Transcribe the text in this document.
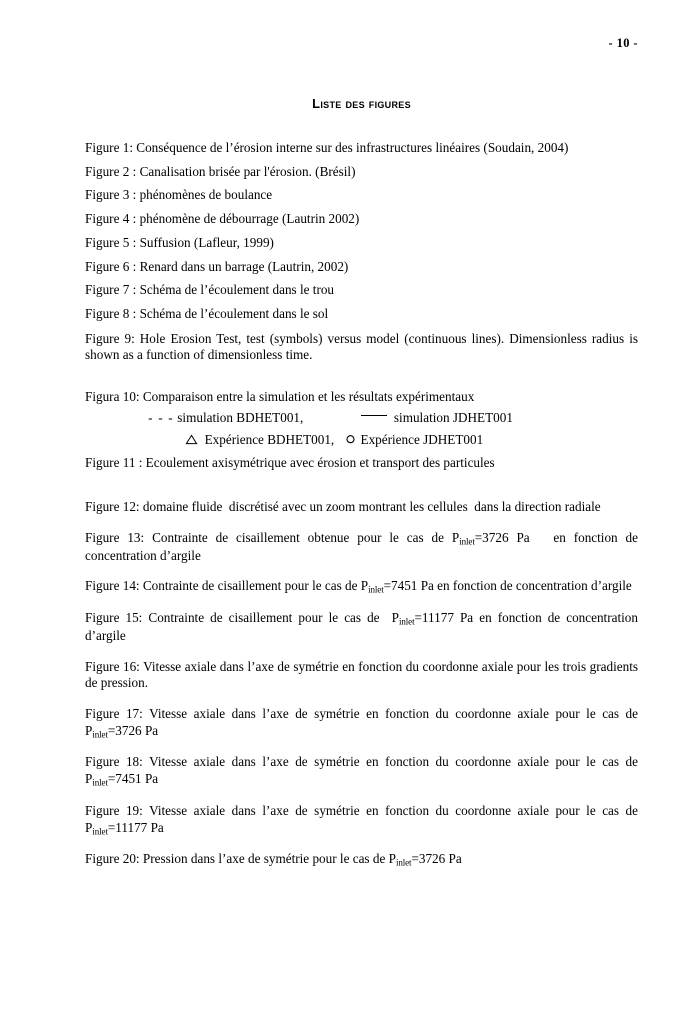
- 10 -
Liste des figures
Figure 1: Conséquence de l’érosion interne sur des infrastructures linéaires (Soudain, 2004)
Figure 2 : Canalisation brisée par l'érosion. (Brésil)
Figure 3 : phénomènes de boulance
Figure 4 : phénomène de débourrage (Lautrin 2002)
Figure 5 : Suffusion (Lafleur, 1999)
Figure 6 : Renard dans un barrage (Lautrin, 2002)
Figure 7 : Schéma de l’écoulement dans le trou
Figure 8 : Schéma de l’écoulement dans le sol
Figure 9: Hole Erosion Test, test (symbols) versus model (continuous lines). Dimensionless radius is shown as a function of dimensionless time.
Figura 10: Comparaison entre la simulation et les résultats expérimentaux
- - - simulation BDHET001,	simulation JDHET001
Expérience BDHET001, Expérience JDHET001
Figure 11 : Ecoulement axisymétrique avec érosion et transport des particules
Figure 12: domaine fluide  discrétisé avec un zoom montrant les cellules  dans la direction radiale
Figure 13: Contrainte de cisaillement obtenue pour le cas de $P_{inlet}=3726$ Pa   en fonction de concentration d’argile
Figure 14: Contrainte de cisaillement pour le cas de $P_{inlet}=7451$ Pa en fonction de concentration d’argile
Figure 15: Contrainte de cisaillement pour le cas de  $P_{inlet}=11177$ Pa en fonction de concentration d’argile
Figure 16: Vitesse axiale dans l’axe de symétrie en fonction du coordonne axiale pour les trois gradients de pression.
Figure 17: Vitesse axiale dans l’axe de symétrie en fonction du coordonne axiale pour le cas de $P_{inlet}=3726$ Pa
Figure 18: Vitesse axiale dans l’axe de symétrie en fonction du coordonne axiale pour le cas de $P_{inlet}=7451$ Pa
Figure 19: Vitesse axiale dans l’axe de symétrie en fonction du coordonne axiale pour le cas de $P_{inlet}=11177$ Pa
Figure 20: Pression dans l’axe de symétrie pour le cas de $P_{inlet}=3726$ Pa
